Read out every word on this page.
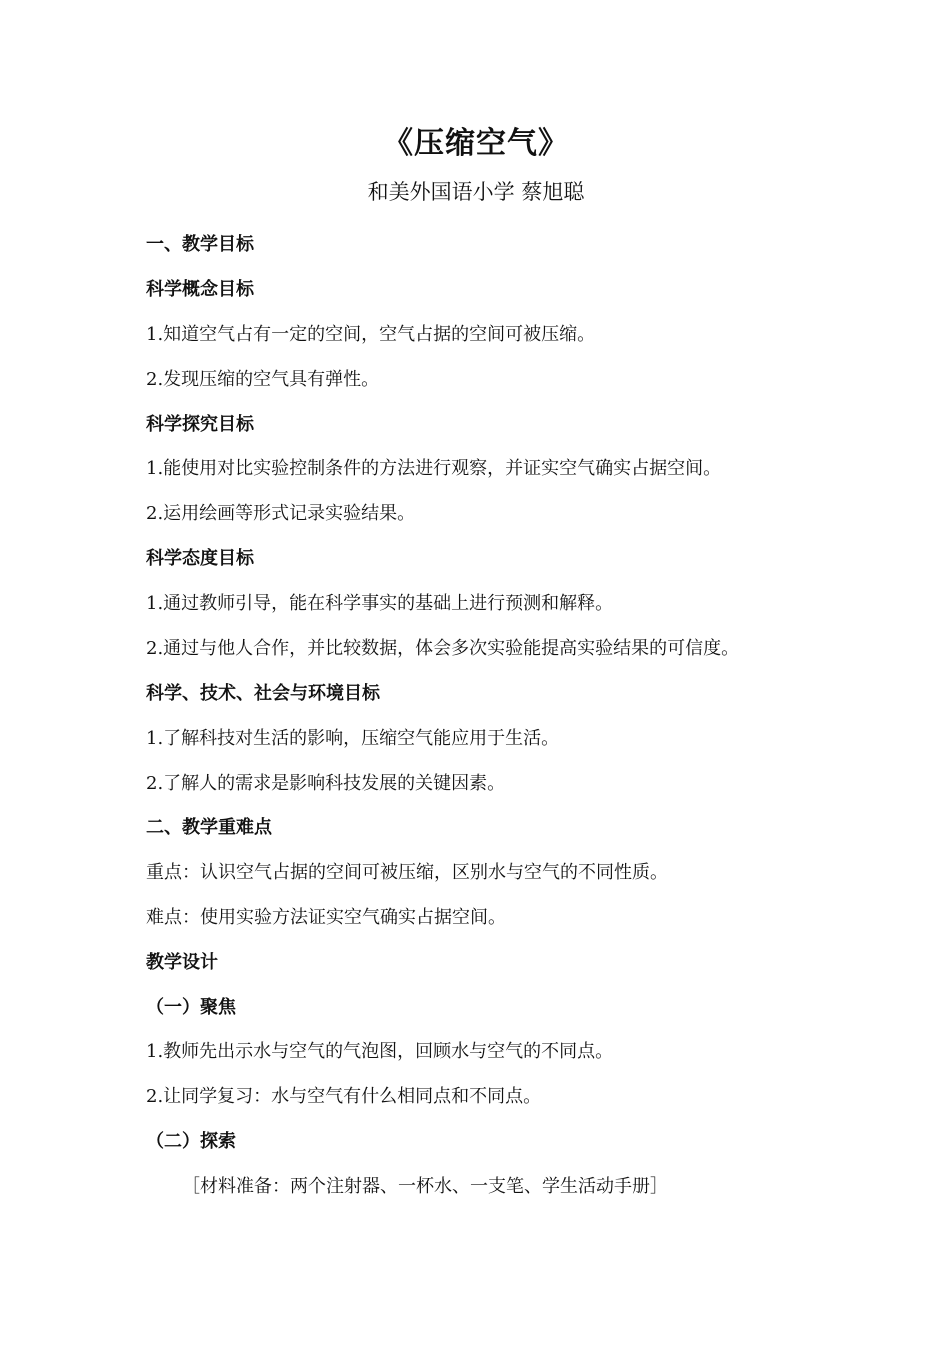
《压缩空气》
和美外国语小学 蔡旭聪
一、教学目标
科学概念目标
1.知道空气占有一定的空间，空气占据的空间可被压缩。
2.发现压缩的空气具有弹性。
科学探究目标
1.能使用对比实验控制条件的方法进行观察，并证实空气确实占据空间。
2.运用绘画等形式记录实验结果。
科学态度目标
1.通过教师引导，能在科学事实的基础上进行预测和解释。
2.通过与他人合作，并比较数据，体会多次实验能提高实验结果的可信度。
科学、技术、社会与环境目标
1.了解科技对生活的影响，压缩空气能应用于生活。
2.了解人的需求是影响科技发展的关键因素。
二、教学重难点
重点：认识空气占据的空间可被压缩，区别水与空气的不同性质。
难点：使用实验方法证实空气确实占据空间。
教学设计
（一）聚焦
1.教师先出示水与空气的气泡图，回顾水与空气的不同点。
2.让同学复习：水与空气有什么相同点和不同点。
（二）探索
［材料准备：两个注射器、一杯水、一支笔、学生活动手册］
